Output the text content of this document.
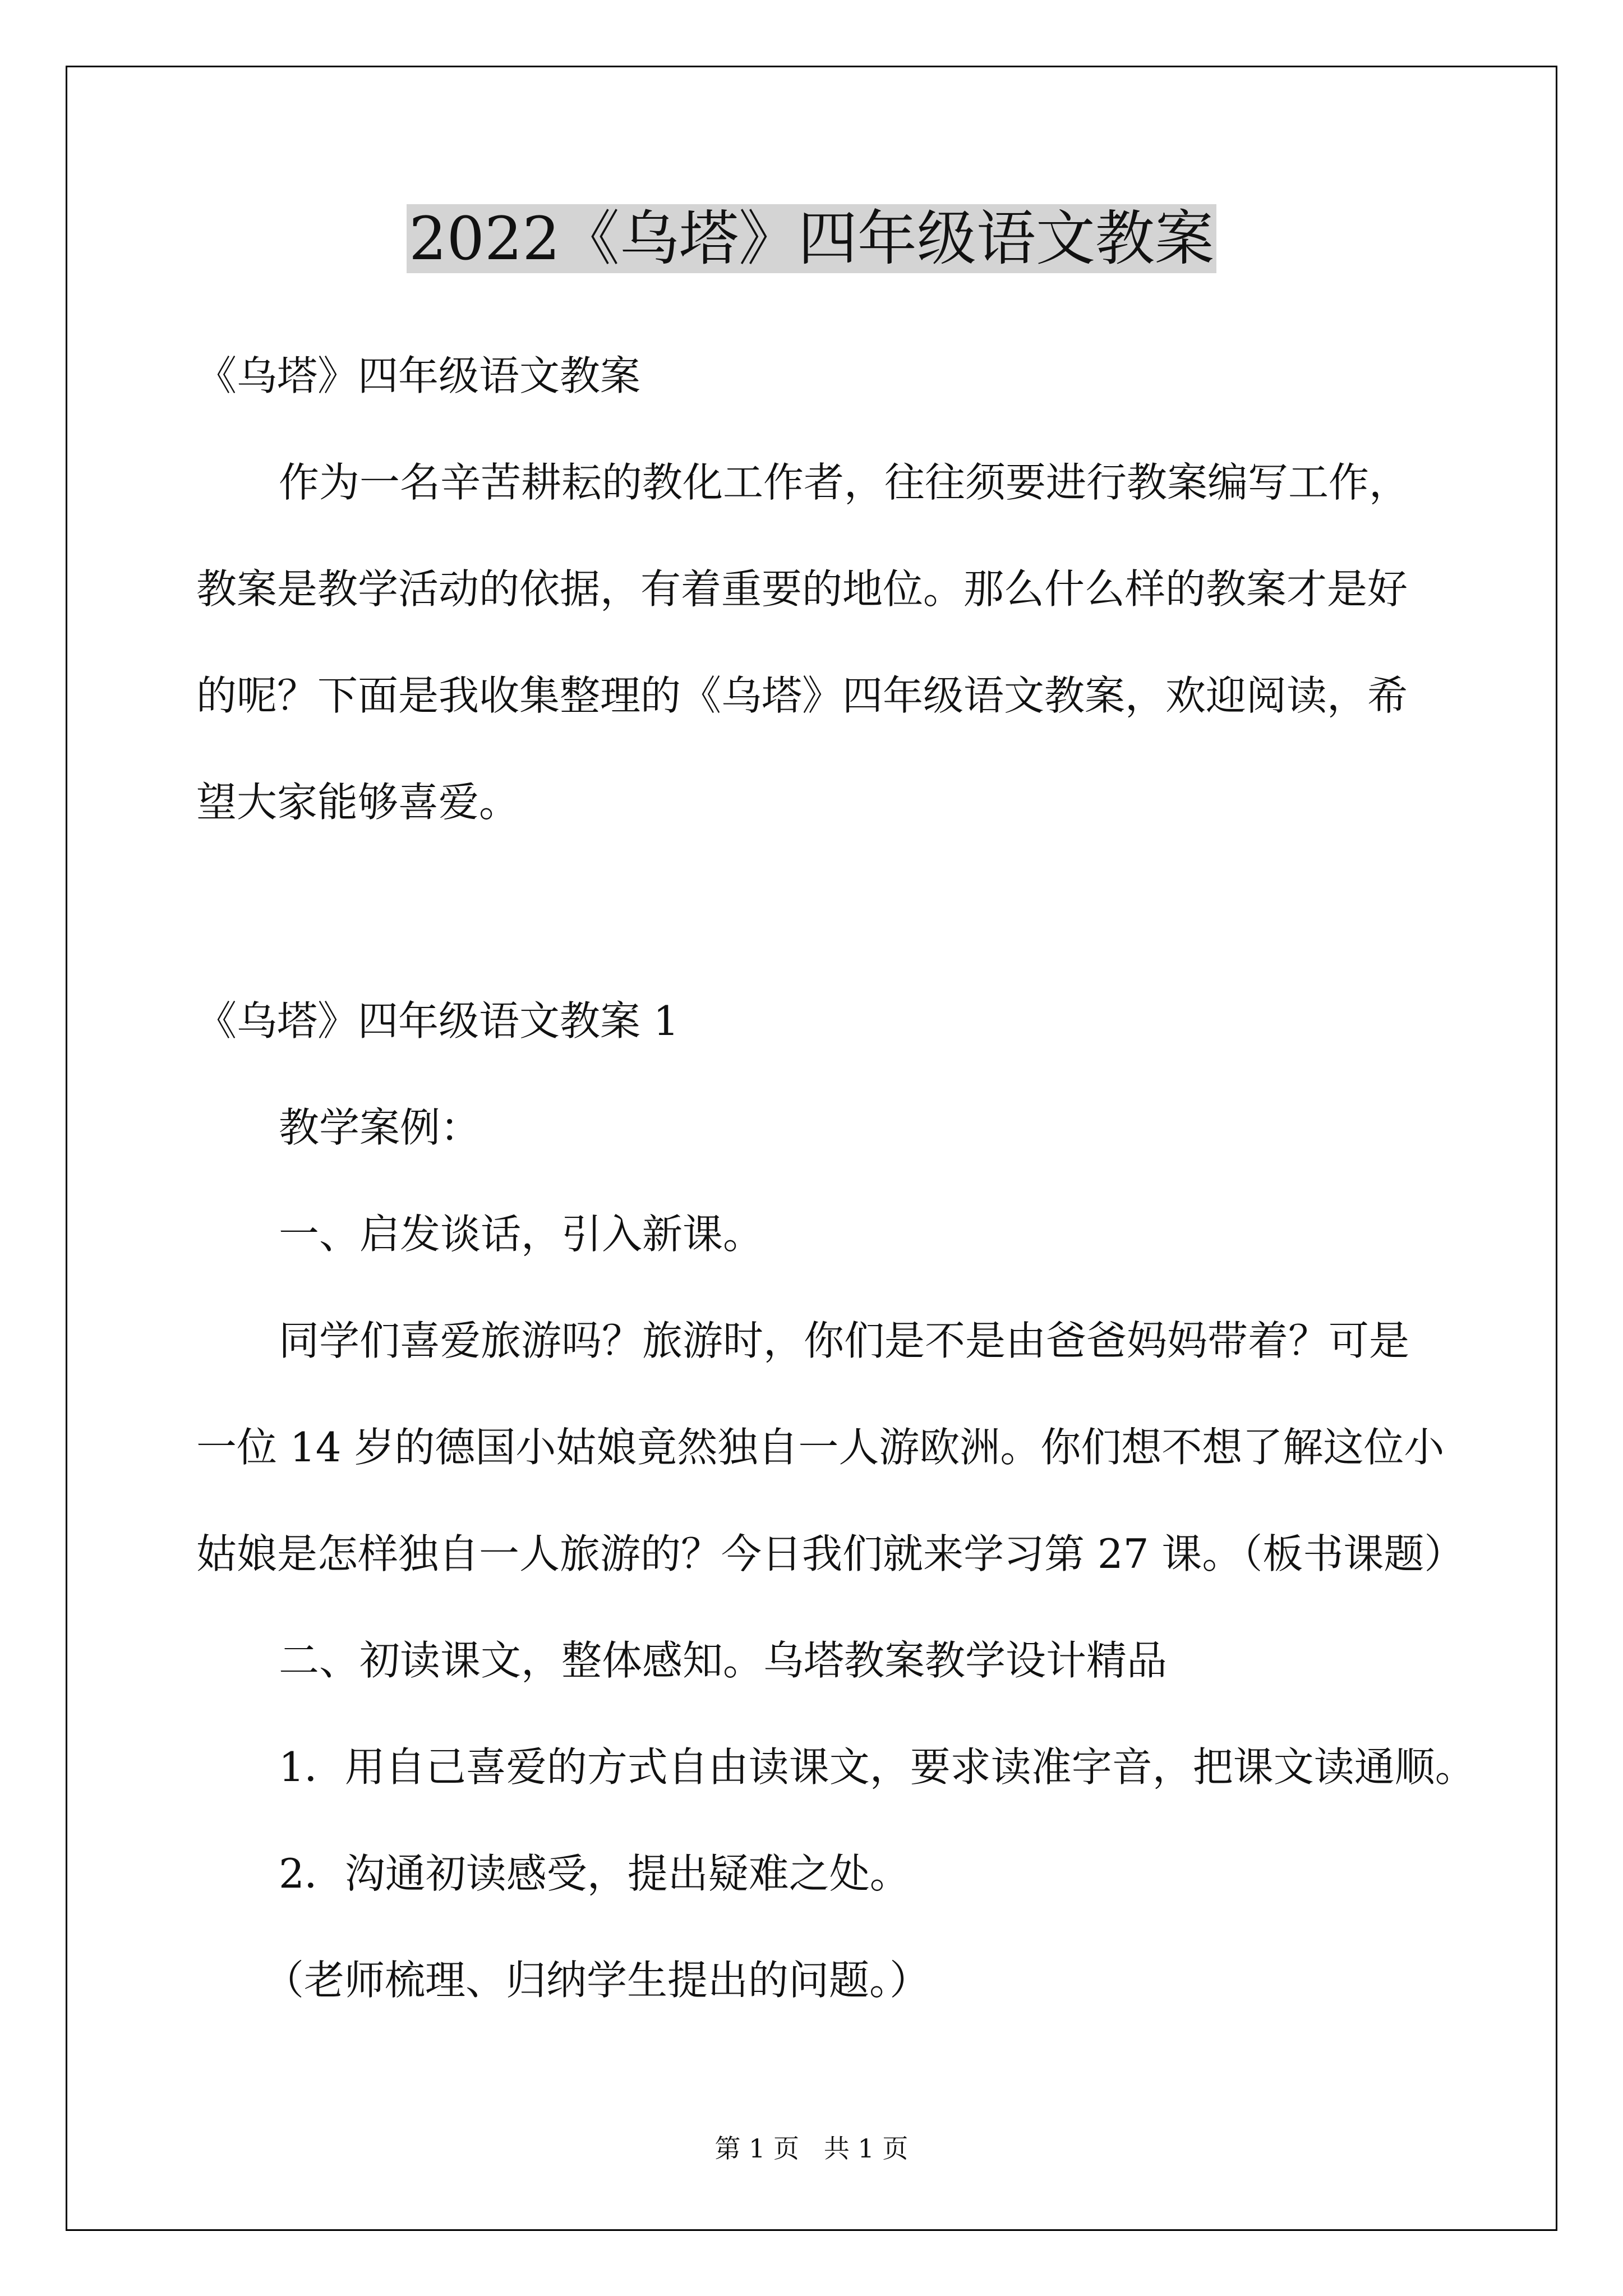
2022《乌塔》四年级语文教案

《乌塔》四年级语文教案

作为一名辛苦耕耘的教化工作者，往往须要进行教案编写工作，

教案是教学活动的依据，有着重要的地位。那么什么样的教案才是好

的呢？下面是我收集整理的《乌塔》四年级语文教案，欢迎阅读，希

望大家能够喜爱。

《乌塔》四年级语文教案 1

教学案例：

一、启发谈话，引入新课。

同学们喜爱旅游吗？旅游时，你们是不是由爸爸妈妈带着？可是

一位 14 岁的德国小姑娘竟然独自一人游欧洲。你们想不想了解这位小

姑娘是怎样独自一人旅游的？今日我们就来学习第 27 课。（板书课题）

二、初读课文，整体感知。乌塔教案教学设计精品

1．用自己喜爱的方式自由读课文，要求读准字音，把课文读通顺。

2．沟通初读感受，提出疑难之处。

（老师梳理、归纳学生提出的问题。）

第 1 页   共 1 页
